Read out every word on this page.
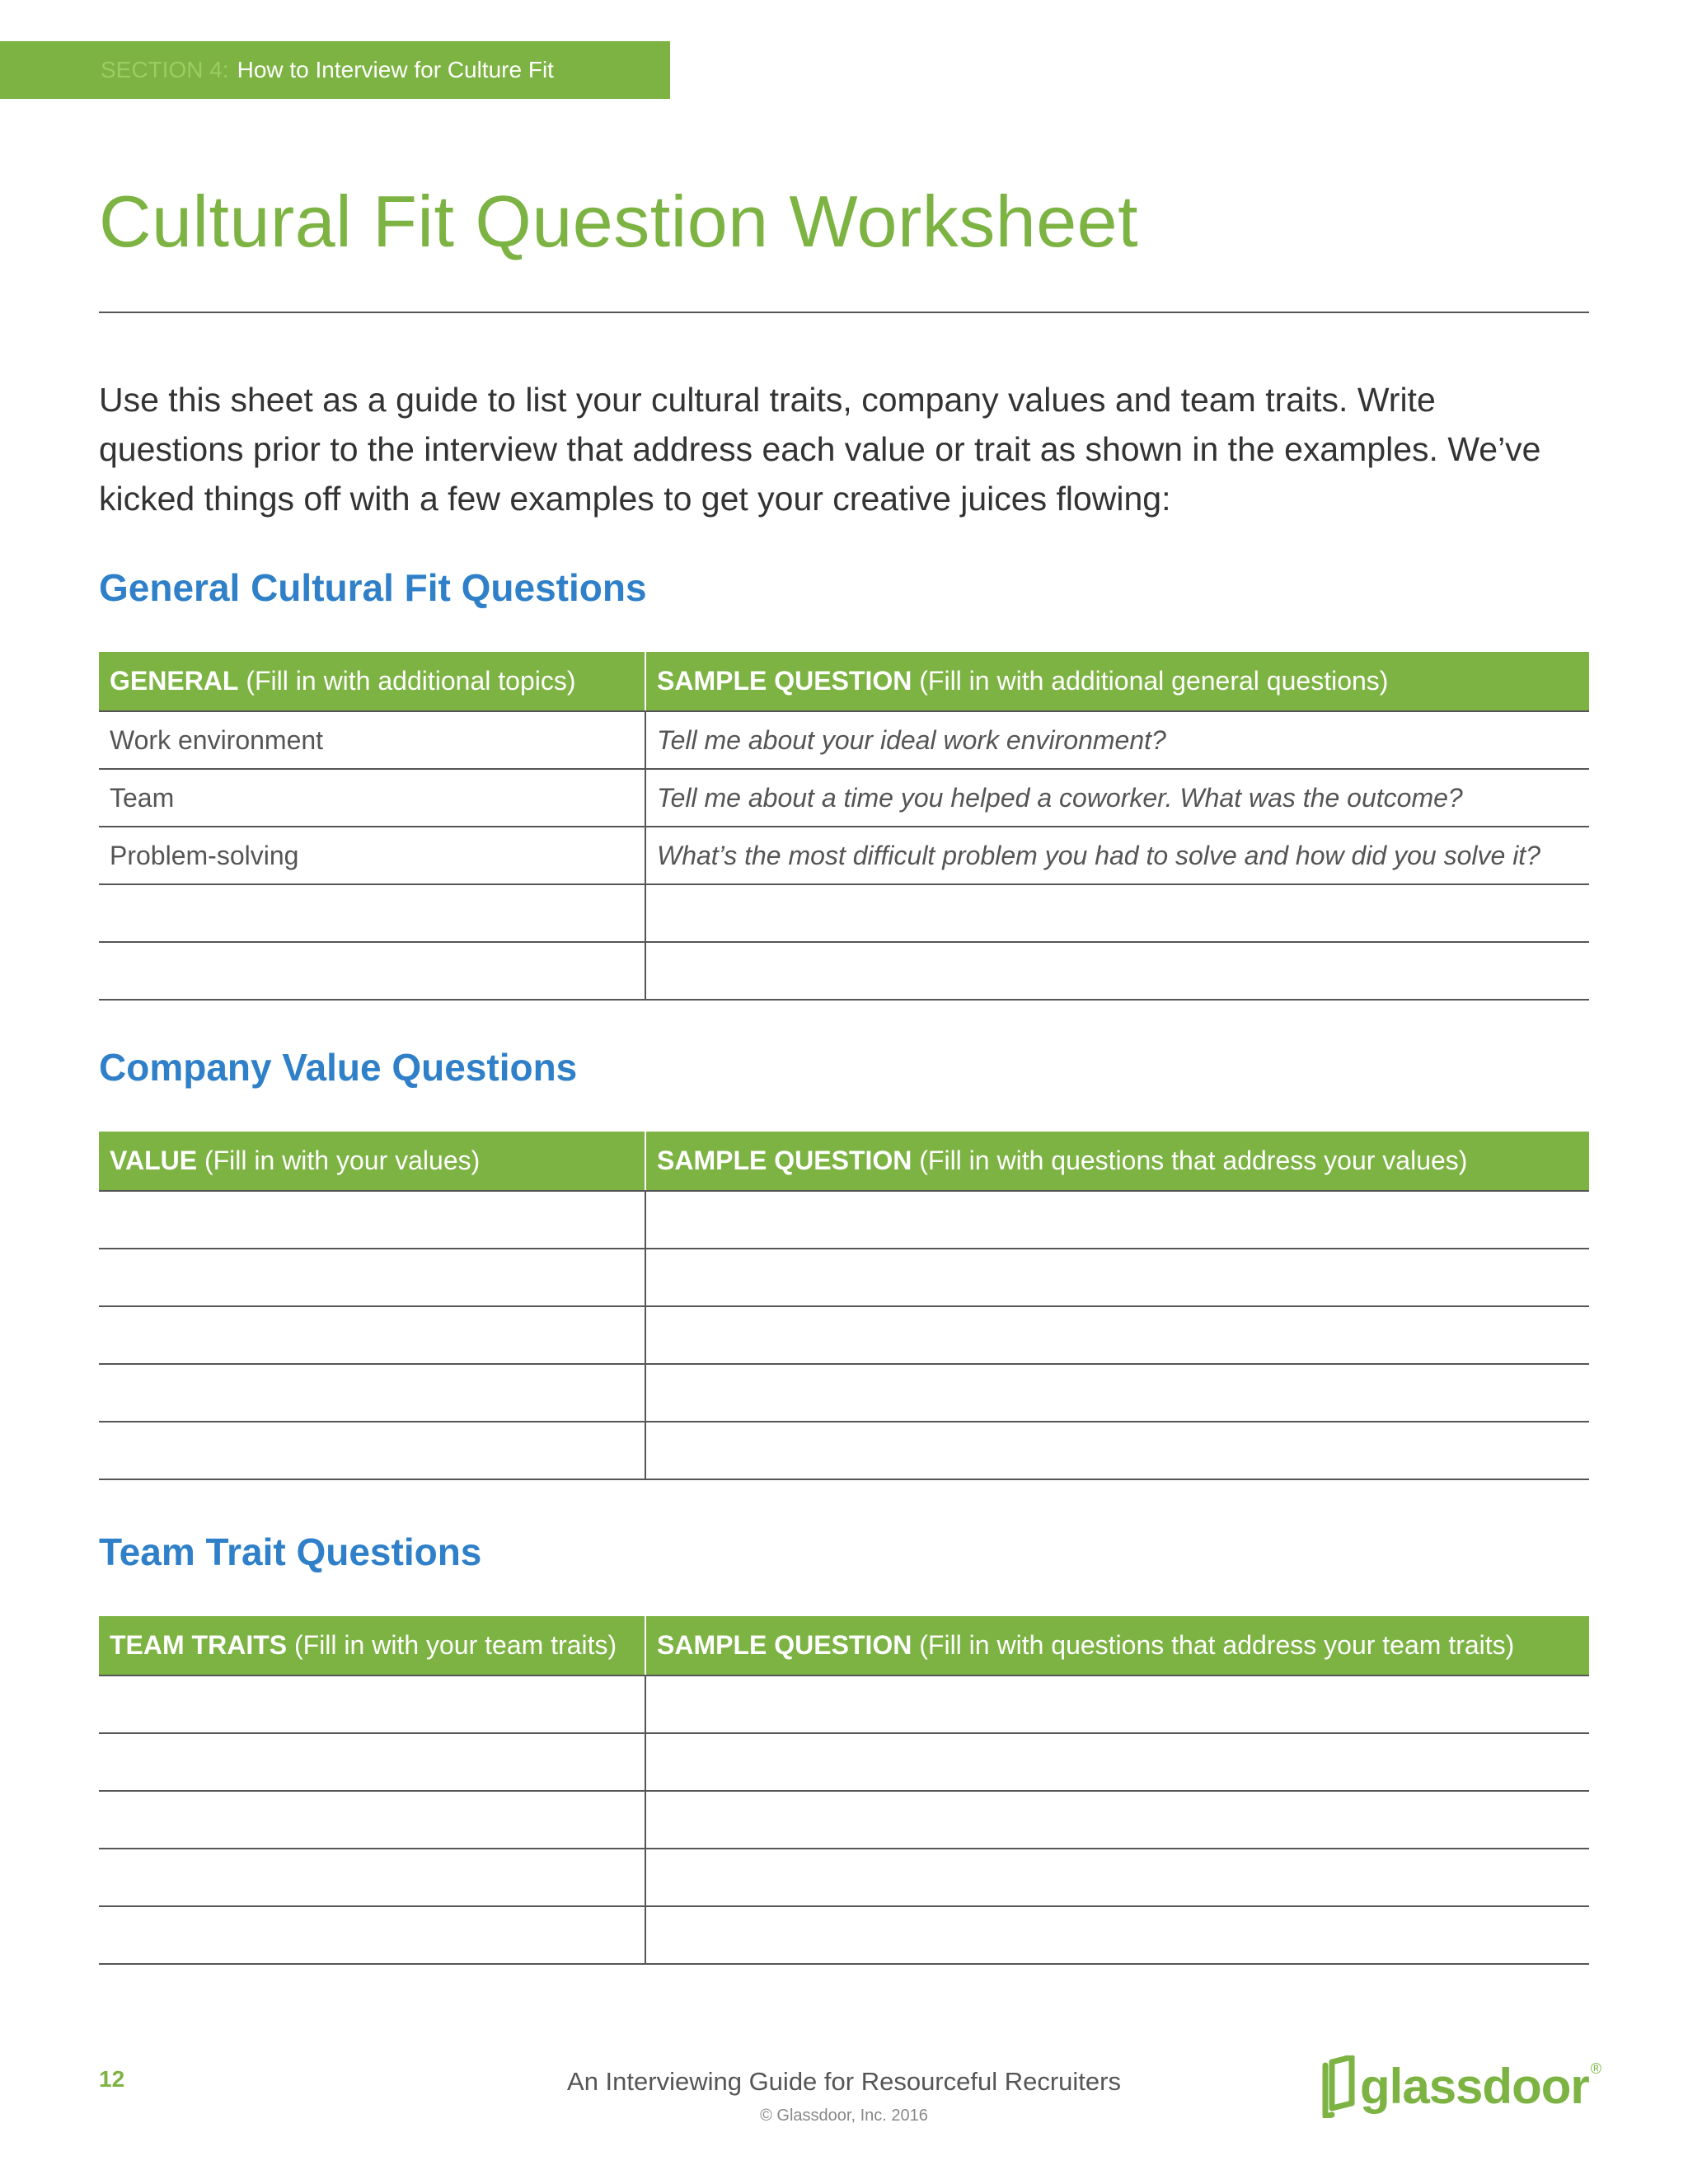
SECTION 4: How to Interview for Culture Fit
Cultural Fit Question Worksheet

Use this sheet as a guide to list your cultural traits, company values and team traits. Write questions prior to the interview that address each value or trait as shown in the examples. We’ve kicked things off with a few examples to get your creative juices flowing:

General Cultural Fit Questions
GENERAL (Fill in with additional topics)	SAMPLE QUESTION (Fill in with additional general questions)
Work environment	Tell me about your ideal work environment?
Team	Tell me about a time you helped a coworker. What was the outcome?
Problem-solving	What’s the most difficult problem you had to solve and how did you solve it?

Company Value Questions
VALUE (Fill in with your values)	SAMPLE QUESTION (Fill in with questions that address your values)

Team Trait Questions
TEAM TRAITS (Fill in with your team traits)	SAMPLE QUESTION (Fill in with questions that address your team traits)

12	An Interviewing Guide for Resourceful Recruiters
© Glassdoor, Inc. 2016
glassdoor ®
